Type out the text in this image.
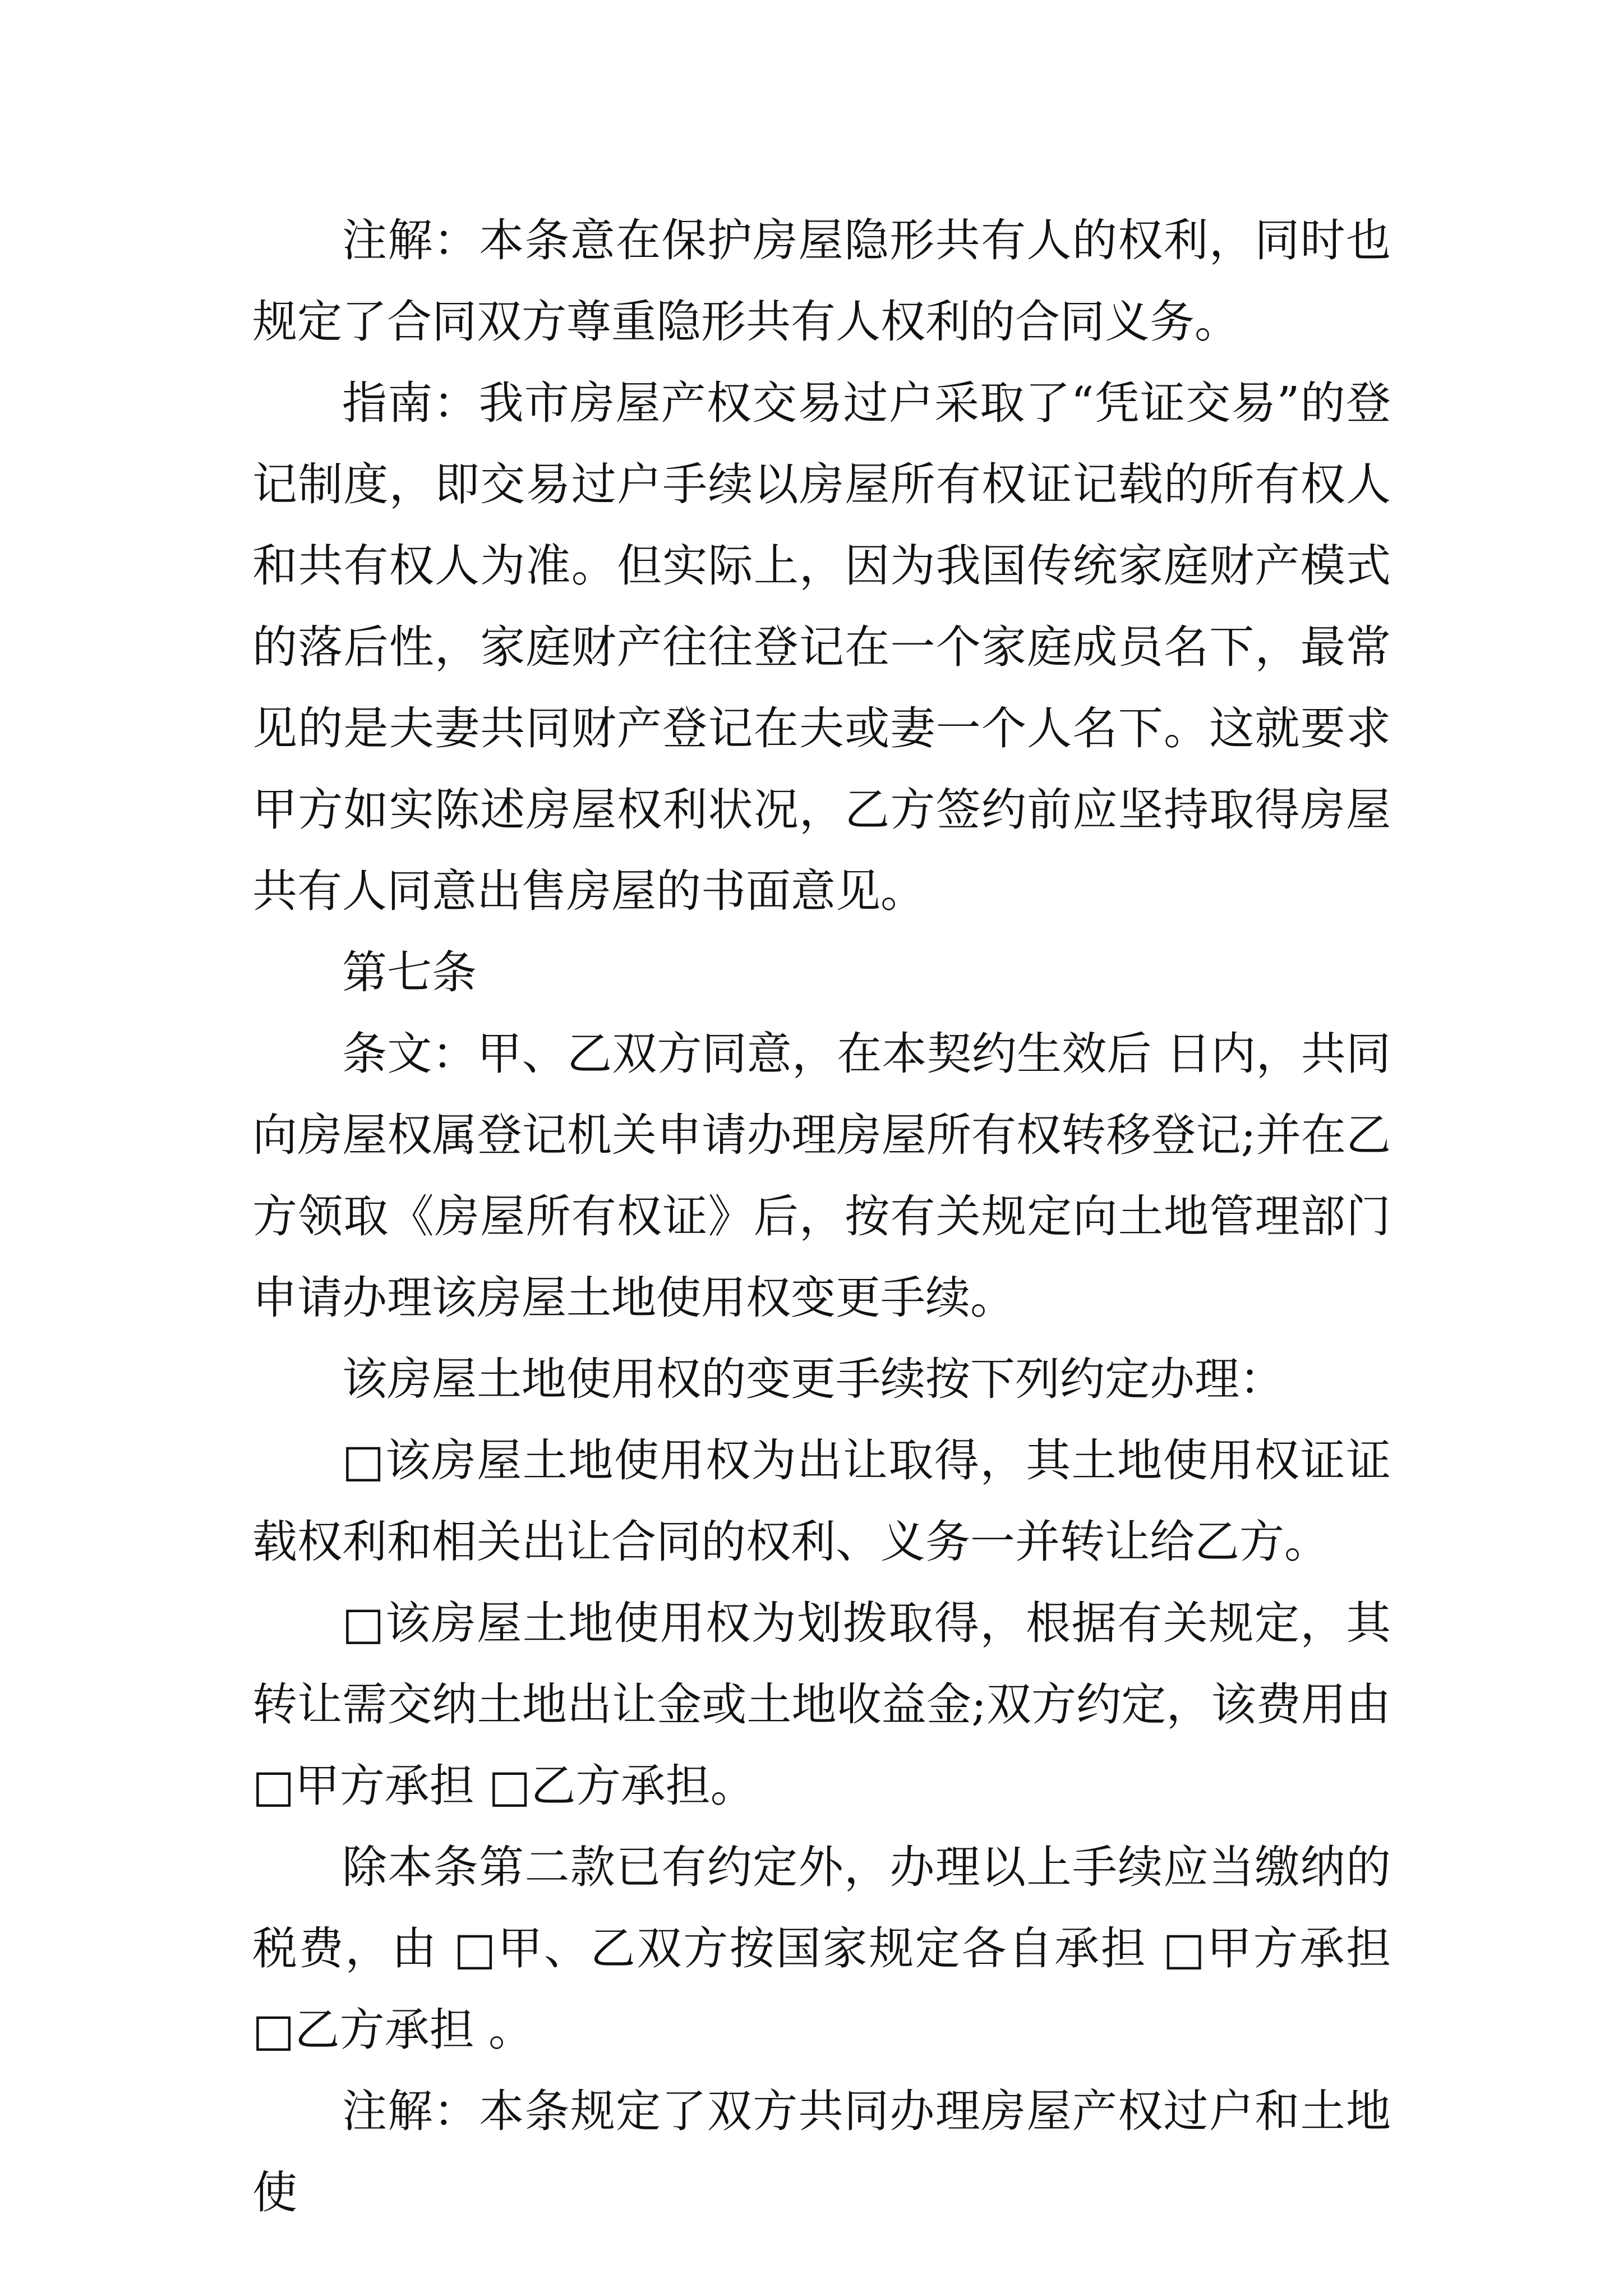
注解：本条意在保护房屋隐形共有人的权利，同时也规定了合同双方尊重隐形共有人权利的合同义务。

指南：我市房屋产权交易过户采取了“凭证交易”的登记制度，即交易过户手续以房屋所有权证记载的所有权人和共有权人为准。但实际上，因为我国传统家庭财产模式的落后性，家庭财产往往登记在一个家庭成员名下，最常见的是夫妻共同财产登记在夫或妻一个人名下。这就要求甲方如实陈述房屋权利状况，乙方签约前应坚持取得房屋共有人同意出售房屋的书面意见。

第七条

条文：甲、乙双方同意，在本契约生效后 日内，共同向房屋权属登记机关申请办理房屋所有权转移登记;并在乙方领取《房屋所有权证》后，按有关规定向土地管理部门申请办理该房屋土地使用权变更手续。

该房屋土地使用权的变更手续按下列约定办理：

□该房屋土地使用权为出让取得，其土地使用权证证载权利和相关出让合同的权利、义务一并转让给乙方。

□该房屋土地使用权为划拨取得，根据有关规定，其转让需交纳土地出让金或土地收益金;双方约定，该费用由 □甲方承担 □乙方承担。

除本条第二款已有约定外，办理以上手续应当缴纳的税费，由 □甲、乙双方按国家规定各自承担 □甲方承担 □乙方承担 。

注解：本条规定了双方共同办理房屋产权过户和土地使
